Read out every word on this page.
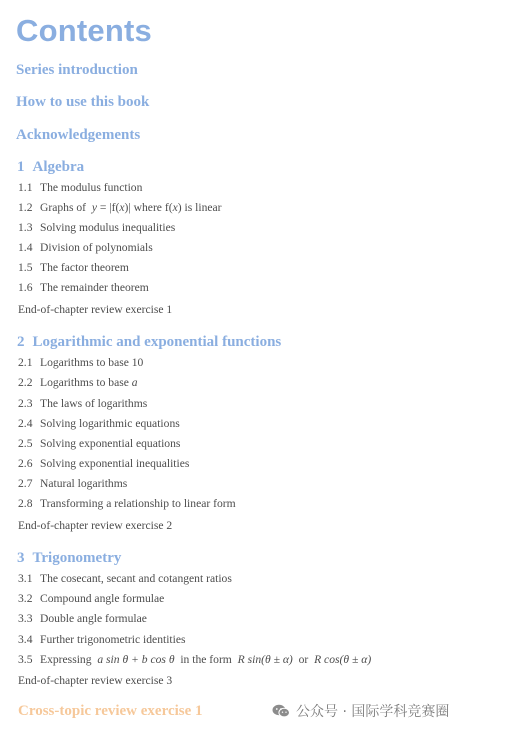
Contents
Series introduction
How to use this book
Acknowledgements
1 Algebra
1.1 The modulus function
1.2 Graphs of y = |f(x)| where f(x) is linear
1.3 Solving modulus inequalities
1.4 Division of polynomials
1.5 The factor theorem
1.6 The remainder theorem
End-of-chapter review exercise 1
2 Logarithmic and exponential functions
2.1 Logarithms to base 10
2.2 Logarithms to base a
2.3 The laws of logarithms
2.4 Solving logarithmic equations
2.5 Solving exponential equations
2.6 Solving exponential inequalities
2.7 Natural logarithms
2.8 Transforming a relationship to linear form
End-of-chapter review exercise 2
3 Trigonometry
3.1 The cosecant, secant and cotangent ratios
3.2 Compound angle formulae
3.3 Double angle formulae
3.4 Further trigonometric identities
3.5 Expressing a sin θ + b cos θ in the form R sin(θ ± α) or R cos(θ ± α)
End-of-chapter review exercise 3
Cross-topic review exercise 1	公众号 · 国际学科竞赛圈
